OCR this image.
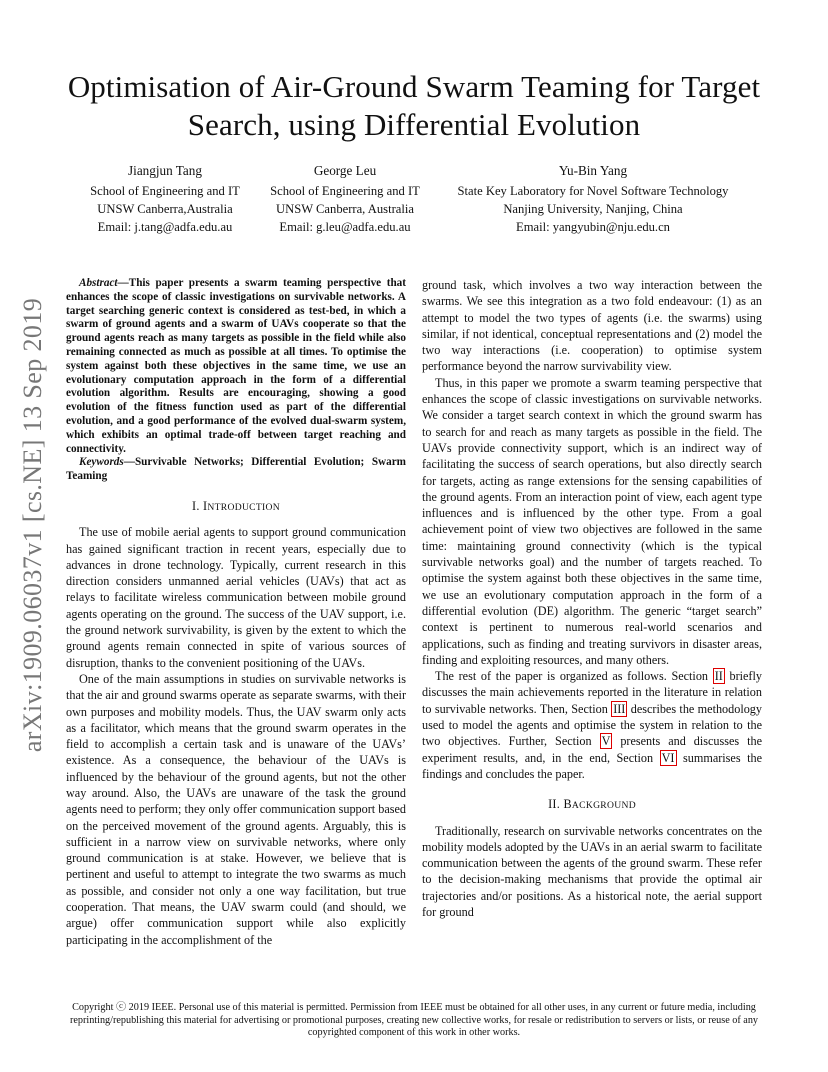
Optimisation of Air-Ground Swarm Teaming for Target Search, using Differential Evolution
Jiangjun Tang
School of Engineering and IT
UNSW Canberra,Australia
Email: j.tang@adfa.edu.au
George Leu
School of Engineering and IT
UNSW Canberra, Australia
Email: g.leu@adfa.edu.au
Yu-Bin Yang
State Key Laboratory for Novel Software Technology
Nanjing University, Nanjing, China
Email: yangyubin@nju.edu.cn
arXiv:1909.06037v1 [cs.NE] 13 Sep 2019

Abstract—This paper presents a swarm teaming perspective that enhances the scope of classic investigations on survivable networks. A target searching generic context is considered as test-bed, in which a swarm of ground agents and a swarm of UAVs cooperate so that the ground agents reach as many targets as possible in the field while also remaining connected as much as possible at all times. To optimise the system against both these objectives in the same time, we use an evolutionary computation approach in the form of a differential evolution algorithm. Results are encouraging, showing a good evolution of the fitness function used as part of the differential evolution, and a good performance of the evolved dual-swarm system, which exhibits an optimal trade-off between target reaching and connectivity.

Keywords—Survivable Networks; Differential Evolution; Swarm Teaming

I. INTRODUCTION

The use of mobile aerial agents to support ground communication has gained significant traction in recent years, especially due to advances in drone technology. Typically, current research in this direction considers unmanned aerial vehicles (UAVs) that act as relays to facilitate wireless communication between mobile ground agents operating on the ground. The success of the UAV support, i.e. the ground network survivability, is given by the extent to which the ground agents remain connected in spite of various sources of disruption, thanks to the convenient positioning of the UAVs.

One of the main assumptions in studies on survivable networks is that the air and ground swarms operate as separate swarms, with their own purposes and mobility models. Thus, the UAV swarm only acts as a facilitator, which means that the ground swarm operates in the field to accomplish a certain task and is unaware of the UAVs’ existence. As a consequence, the behaviour of the UAVs is influenced by the behaviour of the ground agents, but not the other way around. Also, the UAVs are unaware of the task the ground agents need to perform; they only offer communication support based on the perceived movement of the ground agents. Arguably, this is sufficient in a narrow view on survivable networks, where only ground communication is at stake. However, we believe that is pertinent and useful to attempt to integrate the two swarms as much as possible, and consider not only a one way facilitation, but true cooperation. That means, the UAV swarm could (and should, we argue) offer communication support while also explicitly participating in the accomplishment of the

ground task, which involves a two way interaction between the swarms. We see this integration as a two fold endeavour: (1) as an attempt to model the two types of agents (i.e. the swarms) using similar, if not identical, conceptual representations and (2) model the two way interactions (i.e. cooperation) to optimise system performance beyond the narrow survivability view.

Thus, in this paper we promote a swarm teaming perspective that enhances the scope of classic investigations on survivable networks. We consider a target search context in which the ground swarm has to search for and reach as many targets as possible in the field. The UAVs provide connectivity support, which is an indirect way of facilitating the success of search operations, but also directly search for targets, acting as range extensions for the sensing capabilities of the ground agents. From an interaction point of view, each agent type influences and is influenced by the other type. From a goal achievement point of view two objectives are followed in the same time: maintaining ground connectivity (which is the typical survivable networks goal) and the number of targets reached. To optimise the system against both these objectives in the same time, we use an evolutionary computation approach in the form of a differential evolution (DE) algorithm. The generic “target search” context is pertinent to numerous real-world scenarios and applications, such as finding and treating survivors in disaster areas, finding and exploiting resources, and many others.

The rest of the paper is organized as follows. Section II briefly discusses the main achievements reported in the literature in relation to survivable networks. Then, Section III describes the methodology used to model the agents and optimise the system in relation to the two objectives. Further, Section V presents and discusses the experiment results, and, in the end, Section VI summarises the findings and concludes the paper.

II. BACKGROUND

Traditionally, research on survivable networks concentrates on the mobility models adopted by the UAVs in an aerial swarm to facilitate communication between the agents of the ground swarm. These refer to the decision-making mechanisms that provide the optimal air trajectories and/or positions. As a historical note, the aerial support for ground

Copyright ⓒ 2019 IEEE. Personal use of this material is permitted. Permission from IEEE must be obtained for all other uses, in any current or future media, including reprinting/republishing this material for advertising or promotional purposes, creating new collective works, for resale or redistribution to servers or lists, or reuse of any copyrighted component of this work in other works.
